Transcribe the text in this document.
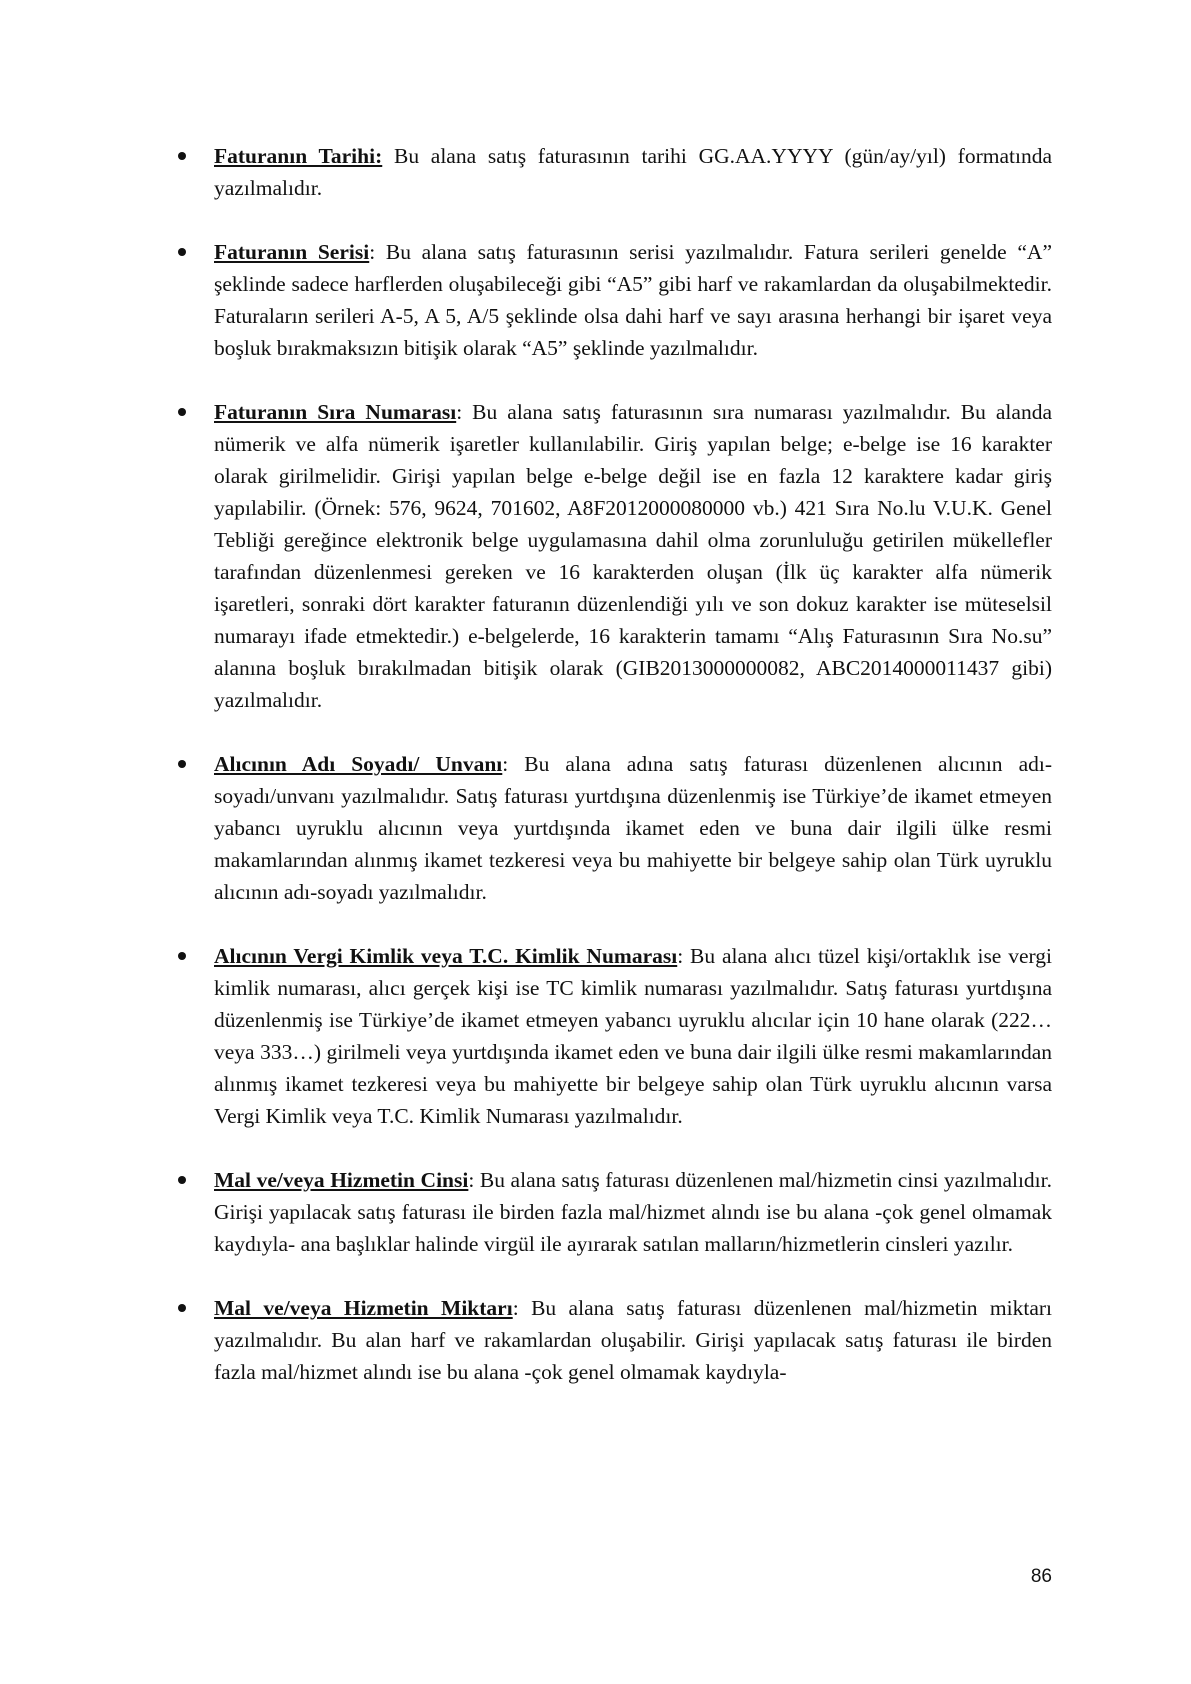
Faturanın Tarihi: Bu alana satış faturasının tarihi GG.AA.YYYY (gün/ay/yıl) formatında yazılmalıdır.

Faturanın Serisi: Bu alana satış faturasının serisi yazılmalıdır. Fatura serileri genelde “A” şeklinde sadece harflerden oluşabileceği gibi “A5” gibi harf ve rakamlardan da oluşabilmektedir. Faturaların serileri A-5, A 5, A/5 şeklinde olsa dahi harf ve sayı arasına herhangi bir işaret veya boşluk bırakmaksızın bitişik olarak “A5” şeklinde yazılmalıdır.

Faturanın Sıra Numarası: Bu alana satış faturasının sıra numarası yazılmalıdır. Bu alanda nümerik ve alfa nümerik işaretler kullanılabilir. Giriş yapılan belge; e-belge ise 16 karakter olarak girilmelidir. Girişi yapılan belge e-belge değil ise en fazla 12 karaktere kadar giriş yapılabilir. (Örnek: 576, 9624, 701602, A8F2012000080000 vb.) 421 Sıra No.lu V.U.K. Genel Tebliği gereğince elektronik belge uygulamasına dahil olma zorunluluğu getirilen mükellefler tarafından düzenlenmesi gereken ve 16 karakterden oluşan (İlk üç karakter alfa nümerik işaretleri, sonraki dört karakter faturanın düzenlendiği yılı ve son dokuz karakter ise müteselsil numarayı ifade etmektedir.) e-belgelerde, 16 karakterin tamamı “Alış Faturasının Sıra No.su” alanına boşluk bırakılmadan bitişik olarak (GIB2013000000082, ABC2014000011437 gibi) yazılmalıdır.

Alıcının Adı Soyadı/ Unvanı: Bu alana adına satış faturası düzenlenen alıcının adı-soyadı/unvanı yazılmalıdır. Satış faturası yurtdışına düzenlenmiş ise Türkiye’de ikamet etmeyen yabancı uyruklu alıcının veya yurtdışında ikamet eden ve buna dair ilgili ülke resmi makamlarından alınmış ikamet tezkeresi veya bu mahiyette bir belgeye sahip olan Türk uyruklu alıcının adı-soyadı yazılmalıdır.

Alıcının Vergi Kimlik veya T.C. Kimlik Numarası: Bu alana alıcı tüzel kişi/ortaklık ise vergi kimlik numarası, alıcı gerçek kişi ise TC kimlik numarası yazılmalıdır. Satış faturası yurtdışına düzenlenmiş ise Türkiye’de ikamet etmeyen yabancı uyruklu alıcılar için 10 hane olarak (222… veya 333…) girilmeli veya yurtdışında ikamet eden ve buna dair ilgili ülke resmi makamlarından alınmış ikamet tezkeresi veya bu mahiyette bir belgeye sahip olan Türk uyruklu alıcının varsa Vergi Kimlik veya T.C. Kimlik Numarası yazılmalıdır.

Mal ve/veya Hizmetin Cinsi: Bu alana satış faturası düzenlenen mal/hizmetin cinsi yazılmalıdır. Girişi yapılacak satış faturası ile birden fazla mal/hizmet alındı ise bu alana -çok genel olmamak kaydıyla- ana başlıklar halinde virgül ile ayırarak satılan malların/hizmetlerin cinsleri yazılır.

Mal ve/veya Hizmetin Miktarı: Bu alana satış faturası düzenlenen mal/hizmetin miktarı yazılmalıdır. Bu alan harf ve rakamlardan oluşabilir. Girişi yapılacak satış faturası ile birden fazla mal/hizmet alındı ise bu alana -çok genel olmamak kaydıyla-

86
